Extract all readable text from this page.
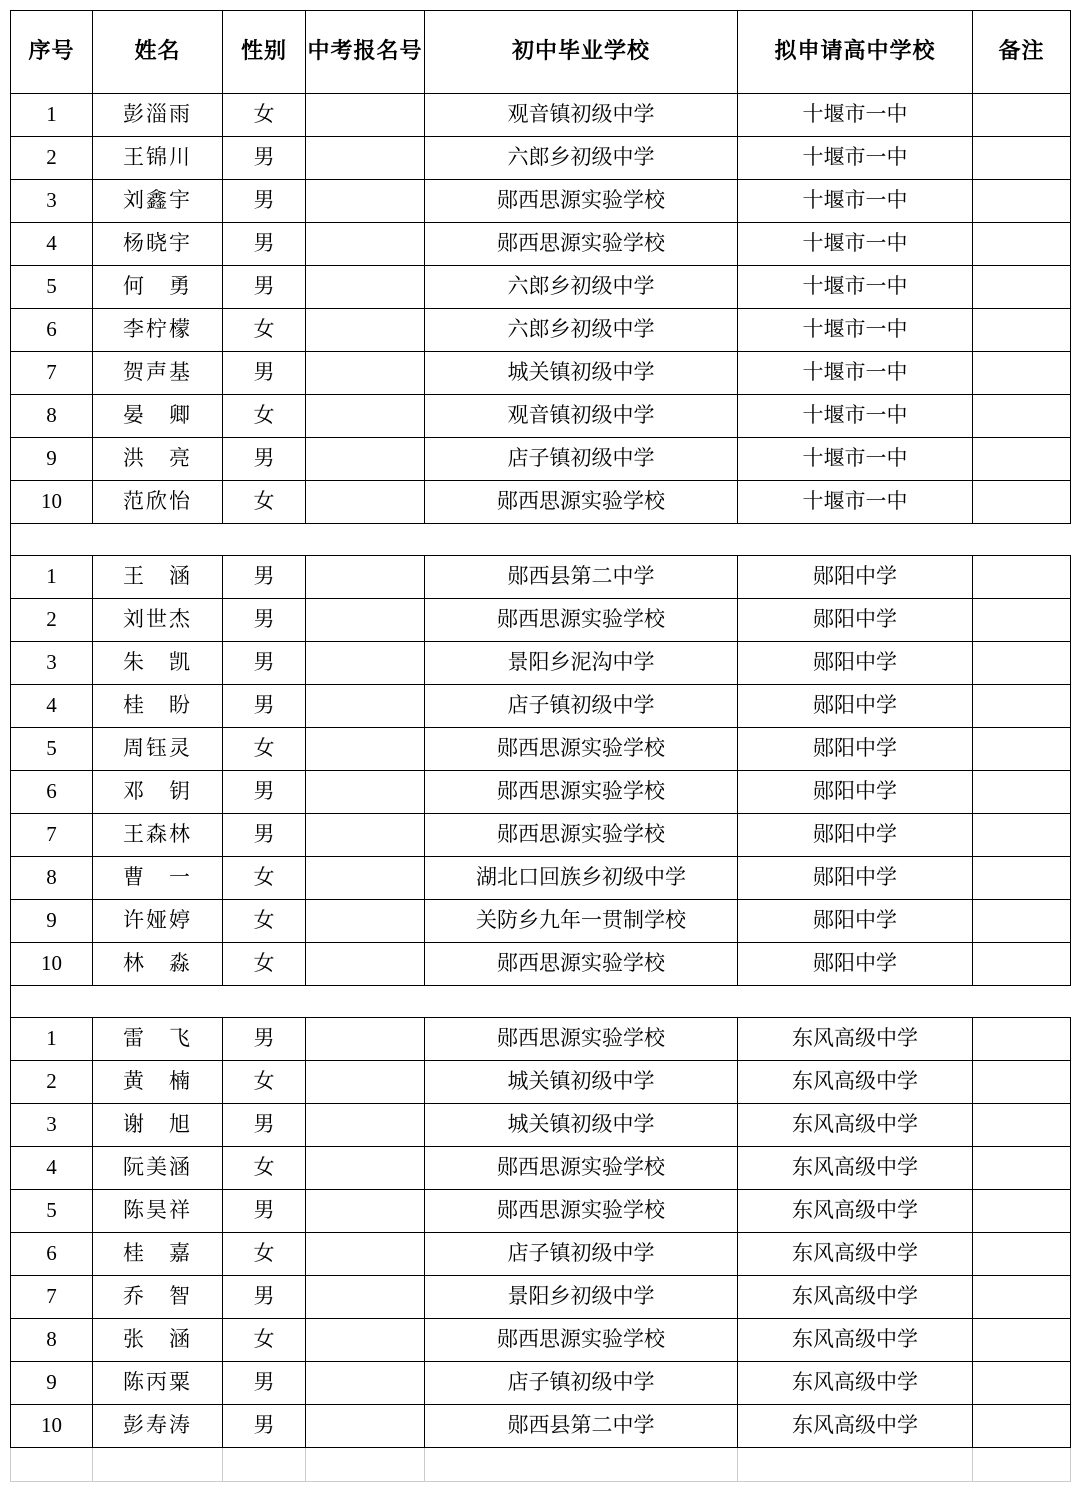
序号	姓名	性别	中考报名号	初中毕业学校	拟申请高中学校	备注
1	彭淄雨	女		观音镇初级中学	十堰市一中	
2	王锦川	男		六郎乡初级中学	十堰市一中	
3	刘鑫宇	男		郧西思源实验学校	十堰市一中	
4	杨晓宇	男		郧西思源实验学校	十堰市一中	
5	何　勇	男		六郎乡初级中学	十堰市一中	
6	李柠檬	女		六郎乡初级中学	十堰市一中	
7	贺声基	男		城关镇初级中学	十堰市一中	
8	晏　卿	女		观音镇初级中学	十堰市一中	
9	洪　亮	男		店子镇初级中学	十堰市一中	
10	范欣怡	女		郧西思源实验学校	十堰市一中	

1	王　涵	男		郧西县第二中学	郧阳中学	
2	刘世杰	男		郧西思源实验学校	郧阳中学	
3	朱　凯	男		景阳乡泥沟中学	郧阳中学	
4	桂　盼	男		店子镇初级中学	郧阳中学	
5	周钰灵	女		郧西思源实验学校	郧阳中学	
6	邓　钥	男		郧西思源实验学校	郧阳中学	
7	王森林	男		郧西思源实验学校	郧阳中学	
8	曹　一	女		湖北口回族乡初级中学	郧阳中学	
9	许娅婷	女		关防乡九年一贯制学校	郧阳中学	
10	林　淼	女		郧西思源实验学校	郧阳中学	

1	雷　飞	男		郧西思源实验学校	东风高级中学	
2	黄　楠	女		城关镇初级中学	东风高级中学	
3	谢　旭	男		城关镇初级中学	东风高级中学	
4	阮美涵	女		郧西思源实验学校	东风高级中学	
5	陈昊祥	男		郧西思源实验学校	东风高级中学	
6	桂　嘉	女		店子镇初级中学	东风高级中学	
7	乔　智	男		景阳乡初级中学	东风高级中学	
8	张　涵	女		郧西思源实验学校	东风高级中学	
9	陈丙粟	男		店子镇初级中学	东风高级中学	
10	彭寿涛	男		郧西县第二中学	东风高级中学	
